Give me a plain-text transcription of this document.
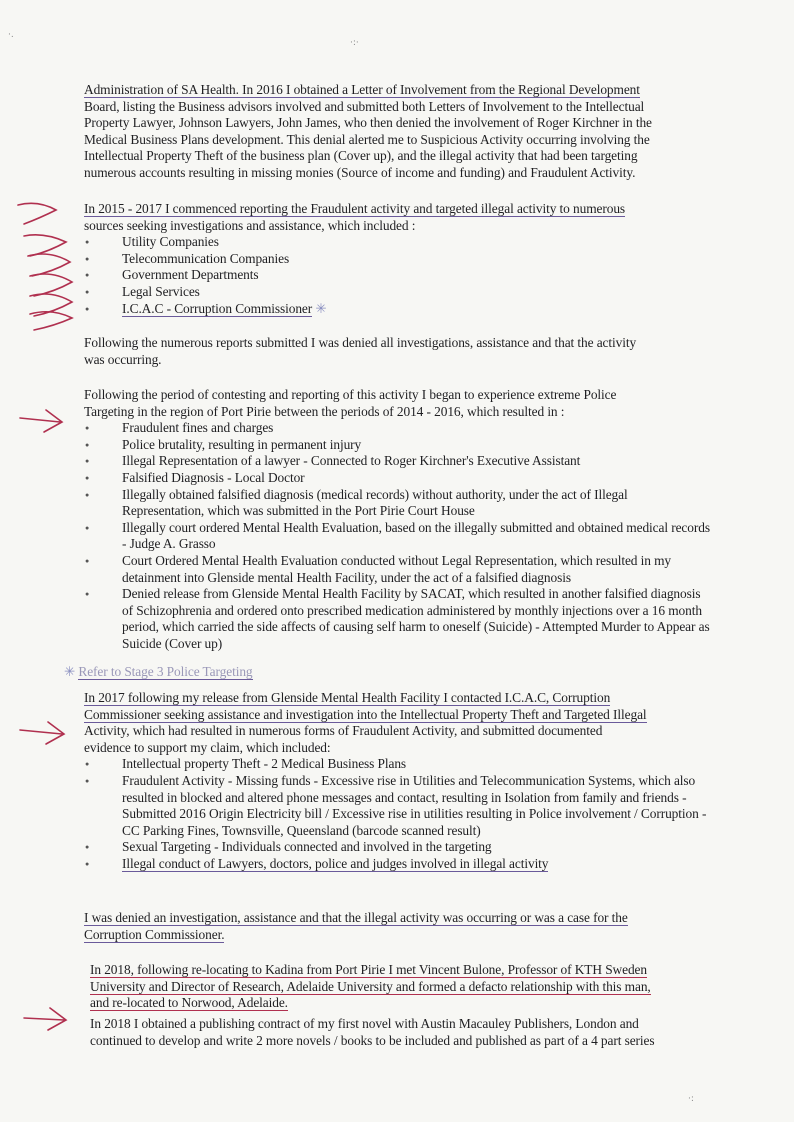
Administration of SA Health. In 2016 I obtained a Letter of Involvement from the Regional Development

Board, listing the Business advisors involved and submitted both Letters of Involvement to the Intellectual

Property Lawyer, Johnson Lawyers, John James, who then denied the involvement of Roger Kirchner in the

Medical Business Plans development. This denial alerted me to Suspicious Activity occurring involving the

Intellectual Property Theft of the business plan (Cover up), and the illegal activity that had been targeting

numerous accounts resulting in missing monies (Source of income and funding) and Fraudulent Activity.

In 2015 - 2017 I commenced reporting the Fraudulent activity and targeted illegal activity to numerous

sources seeking investigations and assistance, which included :

● Utility Companies
● Telecommunication Companies
● Government Departments
● Legal Services
● I.C.A.C - Corruption Commissioner ✳

Following the numerous reports submitted I was denied all investigations, assistance and that the activity

was occurring.

Following the period of contesting and reporting of this activity I began to experience extreme Police

Targeting in the region of Port Pirie between the periods of 2014 - 2016, which resulted in :

● Fraudulent fines and charges
● Police brutality, resulting in permanent injury
● Illegal Representation of a lawyer - Connected to Roger Kirchner's Executive Assistant
● Falsified Diagnosis - Local Doctor
● Illegally obtained falsified diagnosis (medical records) without authority, under the act of Illegal Representation, which was submitted in the Port Pirie Court House
● Illegally court ordered Mental Health Evaluation, based on the illegally submitted and obtained medical records - Judge A. Grasso
● Court Ordered Mental Health Evaluation conducted without Legal Representation, which resulted in my detainment into Glenside mental Health Facility, under the act of a falsified diagnosis
● Denied release from Glenside Mental Health Facility by SACAT, which resulted in another falsified diagnosis of Schizophrenia and ordered onto prescribed medication administered by monthly injections over a 16 month period, which carried the side affects of causing self harm to oneself (Suicide) - Attempted Murder to Appear as Suicide (Cover up)
✳ Refer to Stage 3 Police Targeting

In 2017 following my release from Glenside Mental Health Facility I contacted I.C.A.C, Corruption

Commissioner seeking assistance and investigation into the Intellectual Property Theft and Targeted Illegal

Activity, which had resulted in numerous forms of Fraudulent Activity, and submitted documented

evidence to support my claim, which included:

● Intellectual property Theft - 2 Medical Business Plans
● Fraudulent Activity - Missing funds - Excessive rise in Utilities and Telecommunication Systems, which also resulted in blocked and altered phone messages and contact, resulting in Isolation from family and friends - Submitted 2016 Origin Electricity bill / Excessive rise in utilities resulting in Police involvement / Corruption - CC Parking Fines, Townsville, Queensland (barcode scanned result)
● Sexual Targeting - Individuals connected and involved in the targeting
● Illegal conduct of Lawyers, doctors, police and judges involved in illegal activity

I was denied an investigation, assistance and that the illegal activity was occurring or was a case for the

Corruption Commissioner.

In 2018, following re-locating to Kadina from Port Pirie I met Vincent Bulone, Professor of KTH Sweden

University and Director of Research, Adelaide University and formed a defacto relationship with this man,

and re-located to Norwood, Adelaide.

In 2018 I obtained a publishing contract of my first novel with Austin Macauley Publishers, London and

continued to develop and write 2 more novels / books to be included and published as part of a 4 part series

·.
·:·
·:
